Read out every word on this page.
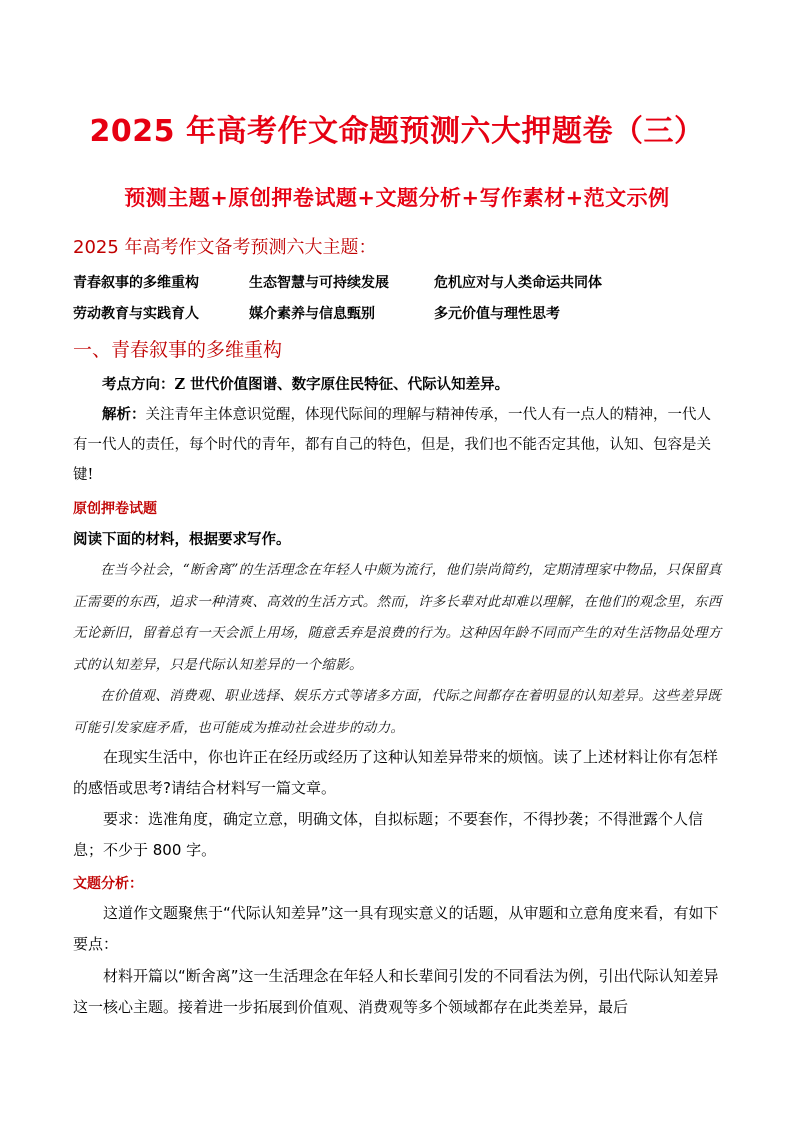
2025 年高考作文命题预测六大押题卷（三）
预测主题+原创押卷试题+文题分析+写作素材+范文示例
2025 年高考作文备考预测六大主题：
青春叙事的多维重构	生态智慧与可持续发展	危机应对与人类命运共同体
劳动教育与实践育人	媒介素养与信息甄别	多元价值与理性思考
一、青春叙事的多维重构
考点方向：Z 世代价值图谱、数字原住民特征、代际认知差异。
解析：关注青年主体意识觉醒，体现代际间的理解与精神传承，一代人有一点人的精神，一代人有一代人的责任，每个时代的青年，都有自己的特色，但是，我们也不能否定其他，认知、包容是关键!
原创押卷试题
阅读下面的材料，根据要求写作。
在当今社会，“断舍离”的生活理念在年轻人中颇为流行，他们崇尚简约，定期清理家中物品，只保留真正需要的东西，追求一种清爽、高效的生活方式。然而，许多长辈对此却难以理解，在他们的观念里，东西无论新旧，留着总有一天会派上用场，随意丢弃是浪费的行为。这种因年龄不同而产生的对生活物品处理方式的认知差异，只是代际认知差异的一个缩影。
在价值观、消费观、职业选择、娱乐方式等诸多方面，代际之间都存在着明显的认知差异。这些差异既可能引发家庭矛盾，也可能成为推动社会进步的动力。
在现实生活中，你也许正在经历或经历了这种认知差异带来的烦恼。读了上述材料让你有怎样的感悟或思考?请结合材料写一篇文章。
要求：选准角度，确定立意，明确文体，自拟标题；不要套作，不得抄袭；不得泄露个人信息；不少于 800 字。
文题分析：
这道作文题聚焦于“代际认知差异”这一具有现实意义的话题，从审题和立意角度来看，有如下要点：
材料开篇以“断舍离”这一生活理念在年轻人和长辈间引发的不同看法为例，引出代际认知差异这一核心主题。接着进一步拓展到价值观、消费观等多个领域都存在此类差异，最后
